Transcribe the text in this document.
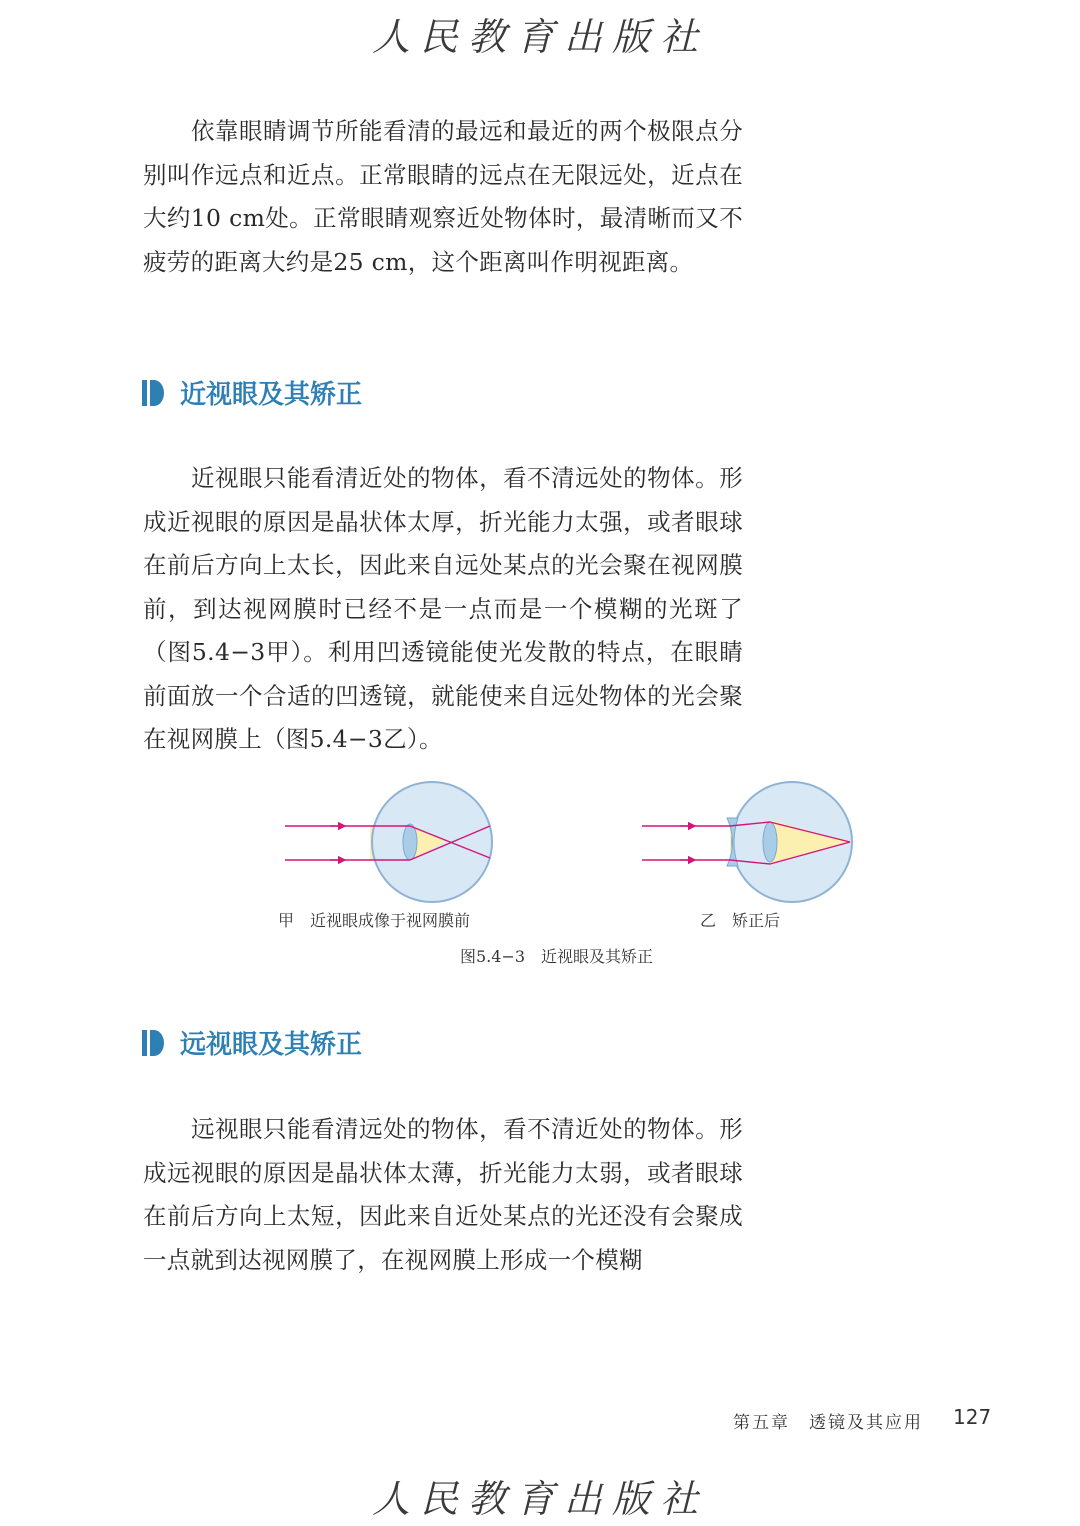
人民教育出版社

依靠眼睛调节所能看清的最远和最近的两个极限点分别叫作远点和近点。正常眼睛的远点在无限远处，近点在大约10 cm处。正常眼睛观察近处物体时，最清晰而又不疲劳的距离大约是25 cm，这个距离叫作明视距离。

近视眼及其矫正

近视眼只能看清近处的物体，看不清远处的物体。形成近视眼的原因是晶状体太厚，折光能力太强，或者眼球在前后方向上太长，因此来自远处某点的光会聚在视网膜前，到达视网膜时已经不是一点而是一个模糊的光斑了（图5.4−3甲）。利用凹透镜能使光发散的特点，在眼睛前面放一个合适的凹透镜，就能使来自远处物体的光会聚在视网膜上（图5.4−3乙）。

甲　近视眼成像于视网膜前	乙　矫正后
图5.4−3　近视眼及其矫正
远视眼及其矫正

远视眼只能看清远处的物体，看不清近处的物体。形成远视眼的原因是晶状体太薄，折光能力太弱，或者眼球在前后方向上太短，因此来自近处某点的光还没有会聚成一点就到达视网膜了，在视网膜上形成一个模糊

第五章　透镜及其应用 127
人民教育出版社
